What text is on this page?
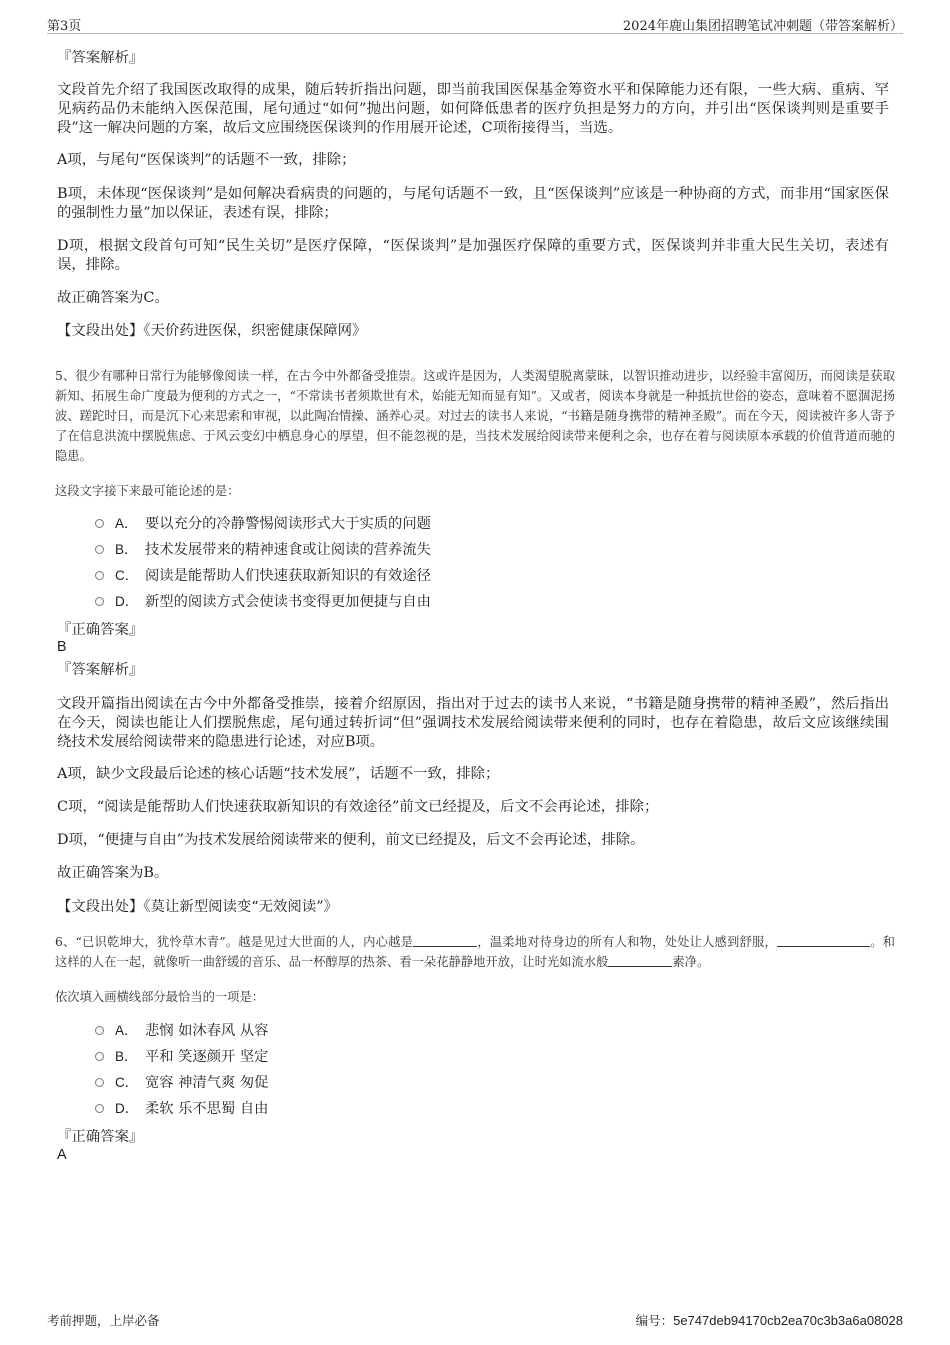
第3页	2024年鹿山集团招聘笔试冲刺题（带答案解析）

『答案解析』

文段首先介绍了我国医改取得的成果，随后转折指出问题，即当前我国医保基金筹资水平和保障能力还有限，一些大病、重病、罕见病药品仍未能纳入医保范围，尾句通过“如何”抛出问题，如何降低患者的医疗负担是努力的方向，并引出“医保谈判则是重要手段”这一解决问题的方案，故后文应围绕医保谈判的作用展开论述，C项衔接得当，当选。

A项，与尾句“医保谈判”的话题不一致，排除；

B项，未体现“医保谈判”是如何解决看病贵的问题的，与尾句话题不一致，且“医保谈判”应该是一种协商的方式，而非用“国家医保的强制性力量”加以保证，表述有误，排除；

D项，根据文段首句可知“民生关切”是医疗保障，“医保谈判”是加强医疗保障的重要方式，医保谈判并非重大民生关切，表述有误，排除。

故正确答案为C。

【文段出处】《天价药进医保，织密健康保障网》

5、很少有哪种日常行为能够像阅读一样，在古今中外都备受推崇。这或许是因为，人类渴望脱离蒙昧，以智识推动进步，以经验丰富阅历，而阅读是获取新知、拓展生命广度最为便利的方式之一，“不常读书者须欺世有术，始能无知而显有知”。又或者，阅读本身就是一种抵抗世俗的姿态，意味着不愿涸泥扬波、蹉跎时日，而是沉下心来思索和审视，以此陶冶情操、涵养心灵。对过去的读书人来说，“书籍是随身携带的精神圣殿”。而在今天，阅读被许多人寄予了在信息洪流中摆脱焦虑、于风云变幻中栖息身心的厚望，但不能忽视的是，当技术发展给阅读带来便利之余，也存在着与阅读原本承载的价值背道而驰的隐患。

这段文字接下来最可能论述的是：

A． 要以充分的冷静警惕阅读形式大于实质的问题
B． 技术发展带来的精神速食或让阅读的营养流失
C． 阅读是能帮助人们快速获取新知识的有效途径
D． 新型的阅读方式会使读书变得更加便捷与自由

『正确答案』

B

『答案解析』

文段开篇指出阅读在古今中外都备受推崇，接着介绍原因，指出对于过去的读书人来说，“书籍是随身携带的精神圣殿”，然后指出在今天，阅读也能让人们摆脱焦虑，尾句通过转折词“但”强调技术发展给阅读带来便利的同时，也存在着隐患，故后文应该继续围绕技术发展给阅读带来的隐患进行论述，对应B项。

A项，缺少文段最后论述的核心话题“技术发展”，话题不一致，排除；

C项，“阅读是能帮助人们快速获取新知识的有效途径”前文已经提及，后文不会再论述，排除；

D项，“便捷与自由”为技术发展给阅读带来的便利，前文已经提及，后文不会再论述，排除。

故正确答案为B。

【文段出处】《莫让新型阅读变“无效阅读”》

6、“已识乾坤大，犹怜草木青”。越是见过大世面的人，内心越是	，温柔地对待身边的所有人和物，处处让人感到舒服，	。和这样的人在一起，就像听一曲舒缓的音乐、品一杯醇厚的热茶、看一朵花静静地开放，让时光如流水般	素净。

依次填入画横线部分最恰当的一项是：

A． 悲悯 如沐春风 从容
B． 平和 笑逐颜开 坚定
C． 宽容 神清气爽 匆促
D． 柔软 乐不思蜀 自由

『正确答案』

A

考前押题，上岸必备	编号：5e747deb94170cb2ea70c3b3a6a08028
